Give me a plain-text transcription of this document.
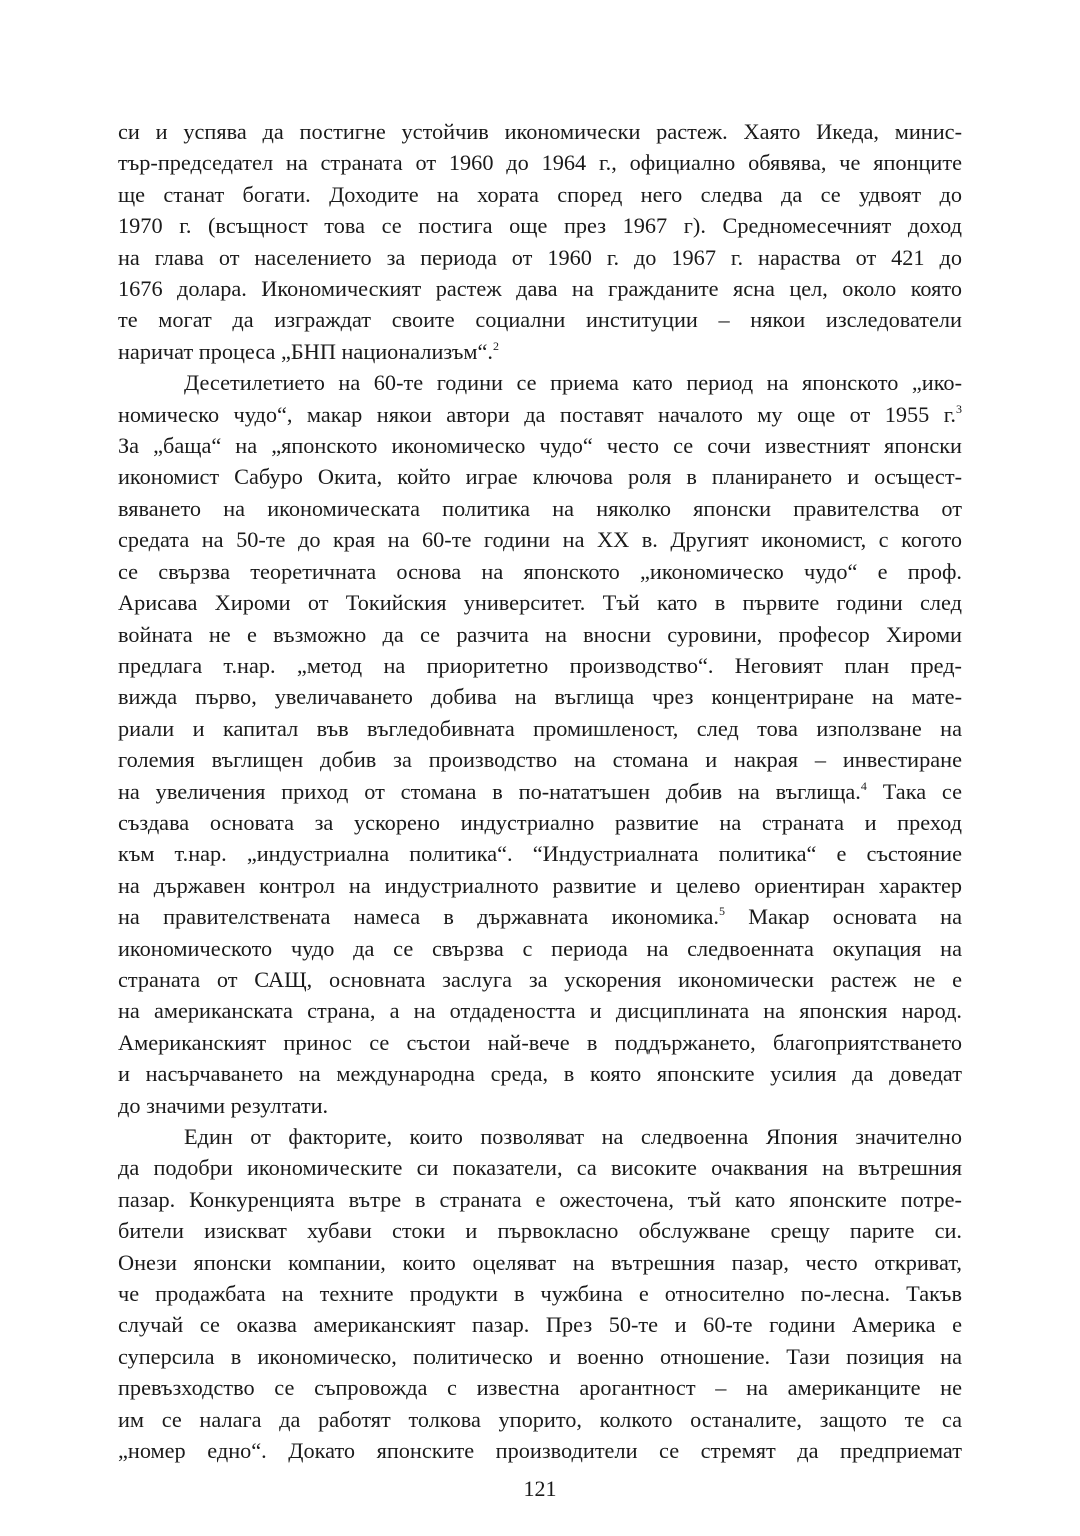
си и успява да постигне устойчив икономически растеж. Хаято Икеда, минис-
тър-председател на страната от 1960 до 1964 г., официално обявява, че японците
ще станат богати. Доходите на хората според него следва да се удвоят до
1970 г. (всъщност това се постига още през 1967 г). Средномесечният доход
на глава от населението за периода от 1960 г. до 1967 г. нараства от 421 до
1676 долара. Икономическият растеж дава на гражданите ясна цел, около която
те могат да изграждат своите социални институции – някои изследователи
наричат процеса „БНП национализъм“.$^2$
Десетилетието на 60-те години се приема като период на японското „ико-
номическо чудо“, макар някои автори да поставят началото му още от 1955 г.$^3$
За „баща“ на „японското икономическо чудо“ често се сочи известният японски
икономист Сабуро Окита, който играе ключова роля в планирането и осъщест-
вяването на икономическата политика на няколко японски правителства от
средата на 50-те до края на 60-те години на XX в. Другият икономист, с когото
се свързва теоретичната основа на японското „икономическо чудо“ е проф.
Арисава Хироми от Токийския университет. Тъй като в първите години след
войната не е възможно да се разчита на вносни суровини, професор Хироми
предлага т.нар. „метод на приоритетно производство“. Неговият план пред-
вижда първо, увеличаването добива на въглища чрез концентриране на мате-
риали и капитал във въгледобивната промишленост, след това използване на
големия въглищен добив за производство на стомана и накрая – инвестиране
на увеличения приход от стомана в по-нататъшен добив на въглища.$^4$ Така се
създава основата за ускорено индустриално развитие на страната и преход
към т.нар. „индустриална политика“. “Индустриалната политика“ е състояние
на държавен контрол на индустриалното развитие и целево ориентиран характер
на правителствената намеса в държавната икономика.$^5$ Макар основата на
икономическото чудо да се свързва с периода на следвоенната окупация на
страната от САЩ, основната заслуга за ускорения икономически растеж не е
на американската страна, а на отдадеността и дисциплината на японския народ.
Американският принос се състои най-вече в поддържането, благоприятстването
и насърчаването на международна среда, в която японските усилия да доведат
до значими резултати.
Един от факторите, които позволяват на следвоенна Япония значително
да подобри икономическите си показатели, са високите очаквания на вътрешния
пазар. Конкуренцията вътре в страната е ожесточена, тъй като японските потре-
бители изискват хубави стоки и първокласно обслужване срещу парите си.
Онези японски компании, които оцеляват на вътрешния пазар, често откриват,
че продажбата на техните продукти в чужбина е относително по-лесна. Такъв
случай се оказва американският пазар. През 50-те и 60-те години Америка е
суперсила в икономическо, политическо и военно отношение. Тази позиция на
превъзходство се съпровожда с известна арогантност – на американците не
им се налага да работят толкова упорито, колкото останалите, защото те са
„номер едно“. Докато японските производители се стремят да предприемат
121
